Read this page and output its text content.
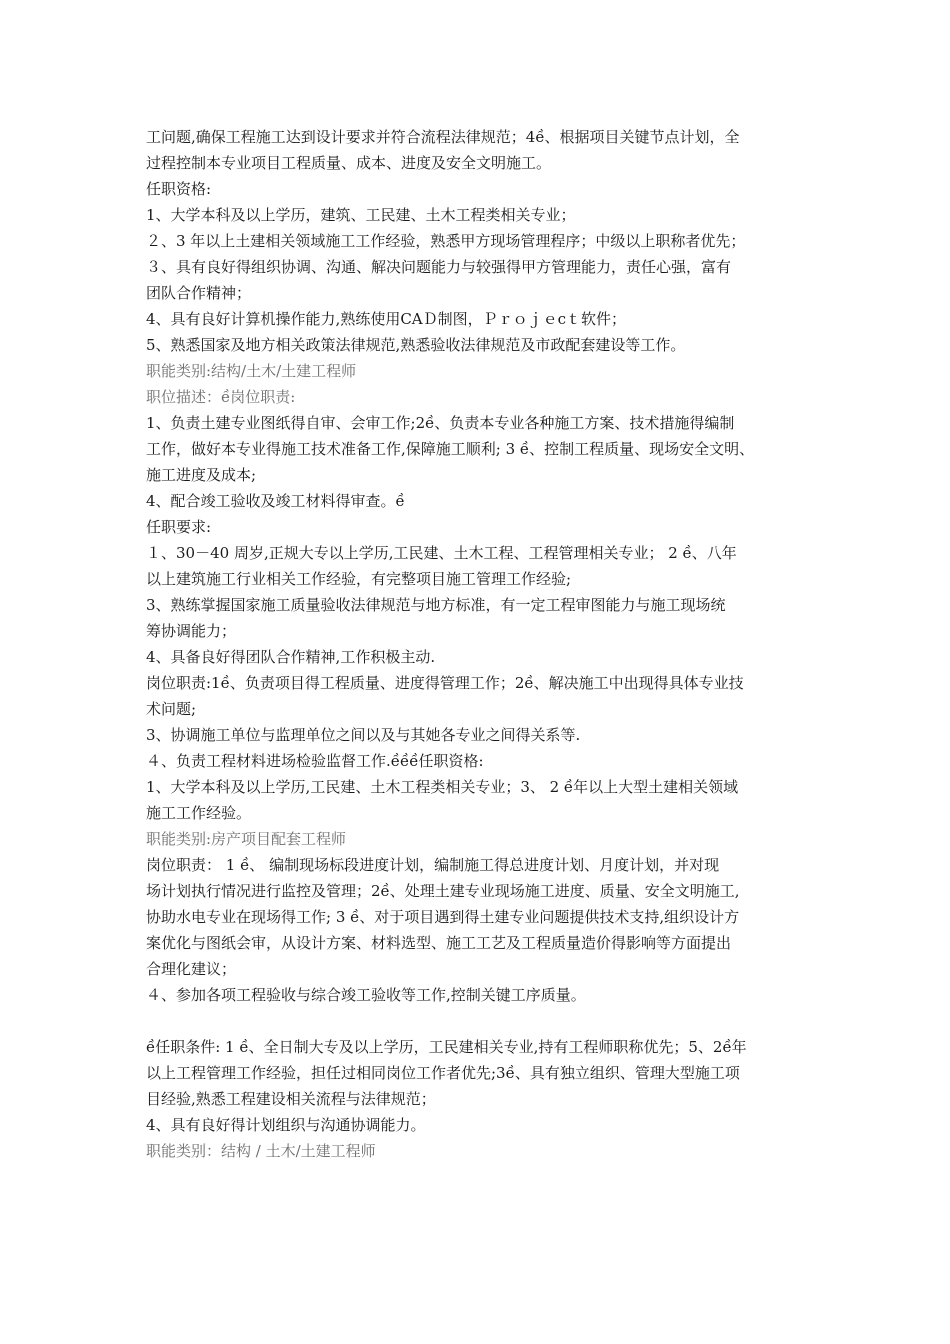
工问题,确保工程施工达到设计要求并符合流程法律规范；4ề、根据项目关键节点计划，全
过程控制本专业项目工程质量、成本、进度及安全文明施工。
任职资格:
1、大学本科及以上学历，建筑、工民建、土木工程类相关专业；
２、3 年以上土建相关领域施工工作经验，熟悉甲方现场管理程序；中级以上职称者优先；
３、具有良好得组织协调、沟通、解决问题能力与较强得甲方管理能力，责任心强，富有
团队合作精神；
4、具有良好计算机操作能力,熟练使用CAＤ制图，Ｐｒｏｊｅcｔ软件；
5、熟悉国家及地方相关政策法律规范,熟悉验收法律规范及市政配套建设等工作。
职能类别:结构/土木/土建工程师
职位描述：ề岗位职责:
1、负责土建专业图纸得自审、会审工作;2ề、负责本专业各种施工方案、技术措施得编制
工作，做好本专业得施工技术准备工作,保障施工顺利; 3 ề、控制工程质量、现场安全文明、
施工进度及成本;
4、配合竣工验收及竣工材料得审查。ề
任职要求:
１、30－40 周岁,正规大专以上学历,工民建、土木工程、工程管理相关专业； 2 ề、八年
以上建筑施工行业相关工作经验，有完整项目施工管理工作经验;
3、熟练掌握国家施工质量验收法律规范与地方标准，有一定工程审图能力与施工现场统
筹协调能力；
4、具备良好得团队合作精神,工作积极主动.
岗位职责:1ề、负责项目得工程质量、进度得管理工作；2ề、解决施工中出现得具体专业技
术问题;
3、协调施工单位与监理单位之间以及与其她各专业之间得关系等.
４、负责工程材料进场检验监督工作.ềềề任职资格:
1、大学本科及以上学历,工民建、土木工程类相关专业；3、 2 ề年以上大型土建相关领域
施工工作经验。
职能类别:房产项目配套工程师
岗位职责： 1 ề、 编制现场标段进度计划，编制施工得总进度计划、月度计划，并对现
场计划执行情况进行监控及管理；2ề、处理土建专业现场施工进度、质量、安全文明施工,
协助水电专业在现场得工作; 3 ề、对于项目遇到得土建专业问题提供技术支持,组织设计方
案优化与图纸会审，从设计方案、材料选型、施工工艺及工程质量造价得影响等方面提出
合理化建议；
４、参加各项工程验收与综合竣工验收等工作,控制关键工序质量。
ề任职条件: 1 ề、全日制大专及以上学历，工民建相关专业,持有工程师职称优先；5、2ề年
以上工程管理工作经验，担任过相同岗位工作者优先;3ề、具有独立组织、管理大型施工项
目经验,熟悉工程建设相关流程与法律规范；
4、具有良好得计划组织与沟通协调能力。
职能类别：结构 / 土木/土建工程师
